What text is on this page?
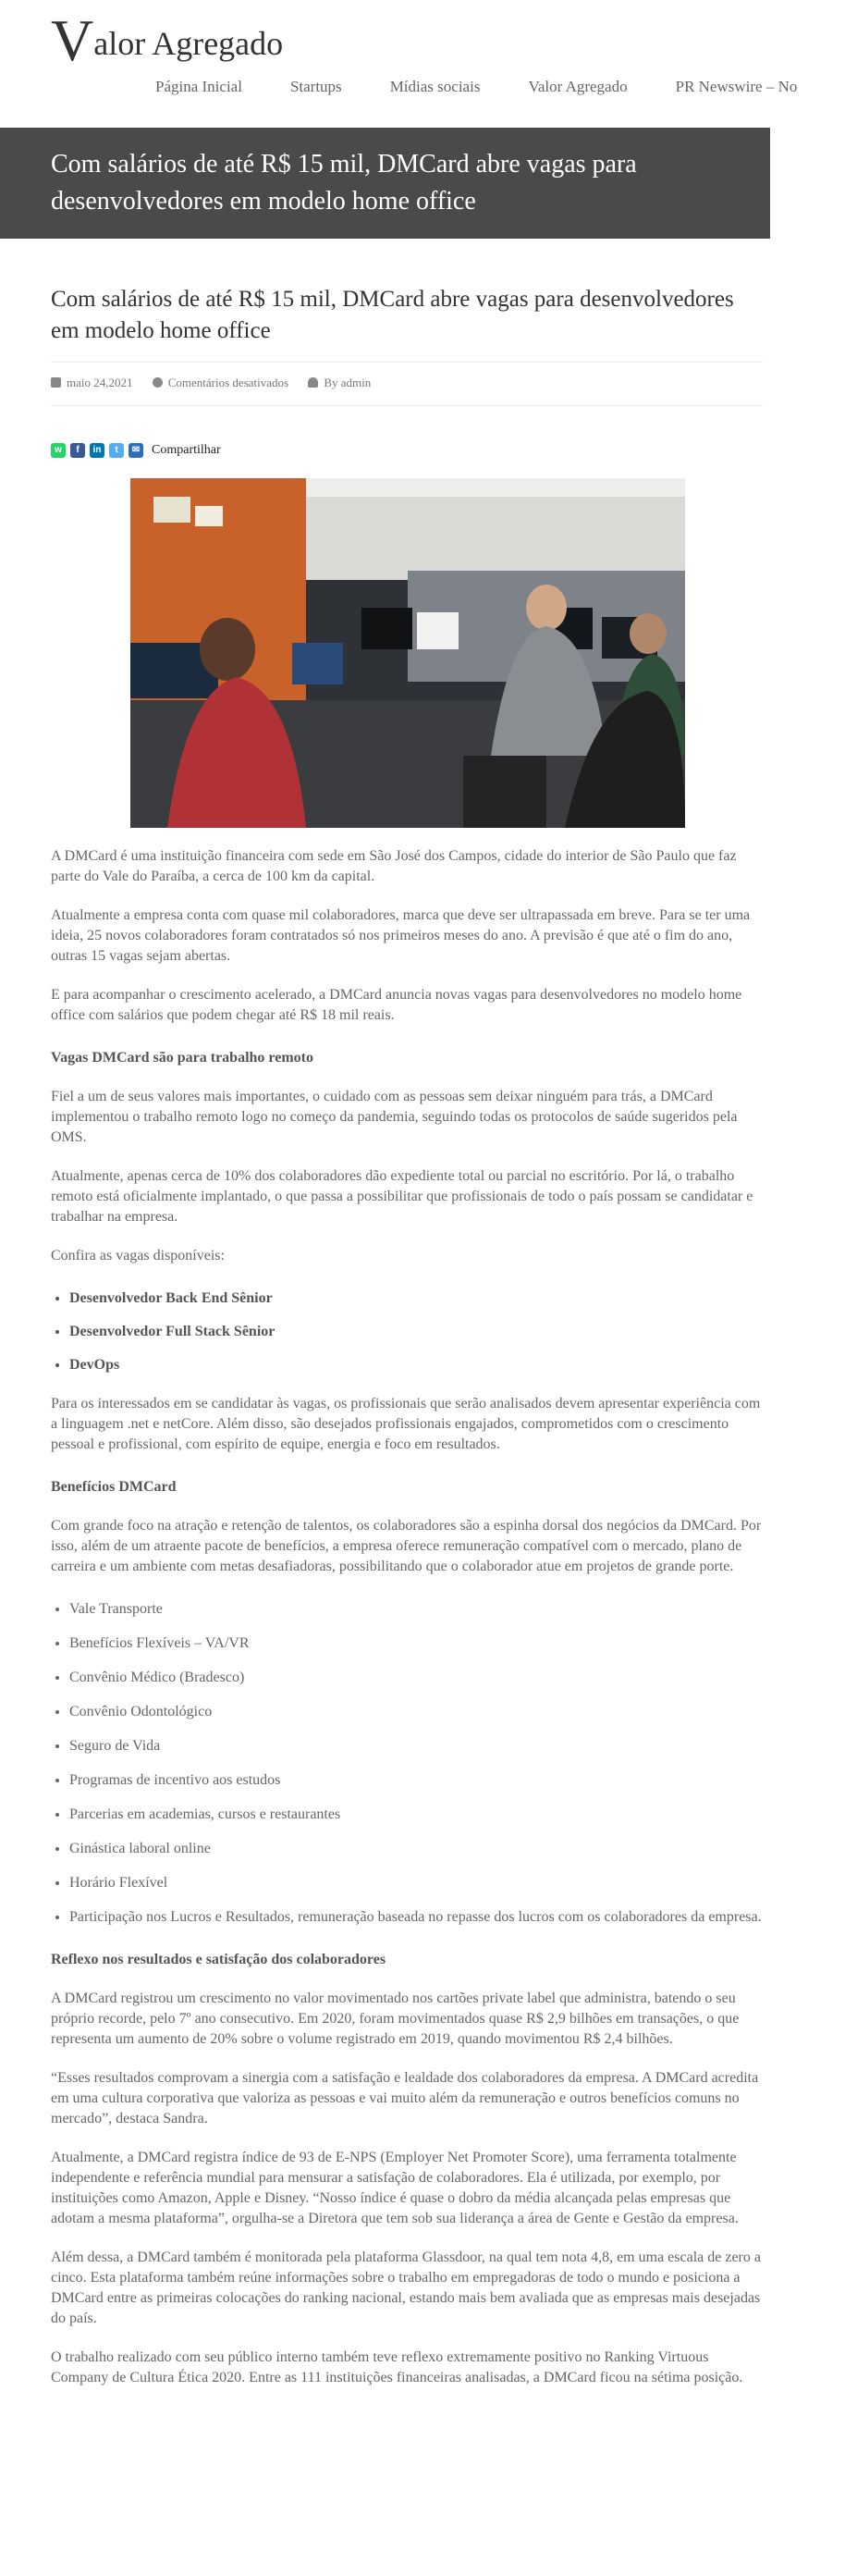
Valor Agregado
Página Inicial	Startups	Mídias sociais	Valor Agregado	PR Newswire – No
Com salários de até R$ 15 mil, DMCard abre vagas para desenvolvedores em modelo home office
Com salários de até R$ 15 mil, DMCard abre vagas para desenvolvedores em modelo home office
maio 24,2021	Comentários desativados	By admin
w	f	in	t	✉ Compartilhar

A DMCard é uma instituição financeira com sede em São José dos Campos, cidade do interior de São Paulo que faz parte do Vale do Paraíba, a cerca de 100 km da capital.

Atualmente a empresa conta com quase mil colaboradores, marca que deve ser ultrapassada em breve. Para se ter uma ideia, 25 novos colaboradores foram contratados só nos primeiros meses do ano. A previsão é que até o fim do ano, outras 15 vagas sejam abertas.

E para acompanhar o crescimento acelerado, a DMCard anuncia novas vagas para desenvolvedores no modelo home office com salários que podem chegar até R$ 18 mil reais.

Vagas DMCard são para trabalho remoto

Fiel a um de seus valores mais importantes, o cuidado com as pessoas sem deixar ninguém para trás, a DMCard implementou o trabalho remoto logo no começo da pandemia, seguindo todas os protocolos de saúde sugeridos pela OMS.

Atualmente, apenas cerca de 10% dos colaboradores dão expediente total ou parcial no escritório. Por lá, o trabalho remoto está oficialmente implantado, o que passa a possibilitar que profissionais de todo o país possam se candidatar e trabalhar na empresa.

Confira as vagas disponíveis:

• Desenvolvedor Back End Sênior
• Desenvolvedor Full Stack Sênior
• DevOps

Para os interessados em se candidatar às vagas, os profissionais que serão analisados devem apresentar experiência com a linguagem .net e netCore. Além disso, são desejados profissionais engajados, comprometidos com o crescimento pessoal e profissional, com espírito de equipe, energia e foco em resultados.

Benefícios DMCard

Com grande foco na atração e retenção de talentos, os colaboradores são a espinha dorsal dos negócios da DMCard. Por isso, além de um atraente pacote de benefícios, a empresa oferece remuneração compatível com o mercado, plano de carreira e um ambiente com metas desafiadoras, possibilitando que o colaborador atue em projetos de grande porte.

• Vale Transporte
• Benefícios Flexíveis – VA/VR
• Convênio Médico (Bradesco)
• Convênio Odontológico
• Seguro de Vida
• Programas de incentivo aos estudos
• Parcerias em academias, cursos e restaurantes
• Ginástica laboral online
• Horário Flexível
• Participação nos Lucros e Resultados, remuneração baseada no repasse dos lucros com os colaboradores da empresa.
Reflexo nos resultados e satisfação dos colaboradores

A DMCard registrou um crescimento no valor movimentado nos cartões private label que administra, batendo o seu próprio recorde, pelo 7º ano consecutivo. Em 2020, foram movimentados quase R$ 2,9 bilhões em transações, o que representa um aumento de 20% sobre o volume registrado em 2019, quando movimentou R$ 2,4 bilhões.

“Esses resultados comprovam a sinergia com a satisfação e lealdade dos colaboradores da empresa. A DMCard acredita em uma cultura corporativa que valoriza as pessoas e vai muito além da remuneração e outros benefícios comuns no mercado”, destaca Sandra.

Atualmente, a DMCard registra índice de 93 de E-NPS (Employer Net Promoter Score), uma ferramenta totalmente independente e referência mundial para mensurar a satisfação de colaboradores. Ela é utilizada, por exemplo, por instituições como Amazon, Apple e Disney. “Nosso índice é quase o dobro da média alcançada pelas empresas que adotam a mesma plataforma”, orgulha-se a Diretora que tem sob sua liderança a área de Gente e Gestão da empresa.

Além dessa, a DMCard também é monitorada pela plataforma Glassdoor, na qual tem nota 4,8, em uma escala de zero a cinco. Esta plataforma também reúne informações sobre o trabalho em empregadoras de todo o mundo e posiciona a DMCard entre as primeiras colocações do ranking nacional, estando mais bem avaliada que as empresas mais desejadas do país.

O trabalho realizado com seu público interno também teve reflexo extremamente positivo no Ranking Virtuous Company de Cultura Ética 2020. Entre as 111 instituições financeiras analisadas, a DMCard ficou na sétima posição.
